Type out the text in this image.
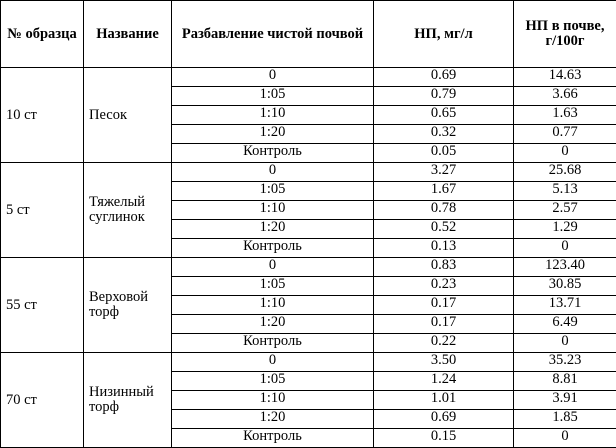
№ образца	Название	Разбавление чистой почвой	НП, мг/л	НП в почве, г/100г
10 ст	Песок	0	0.69	14.63
		1:05	0.79	3.66
		1:10	0.65	1.63
		1:20	0.32	0.77
		Контроль	0.05	0
5 ст	Тяжелый суглинок	0	3.27	25.68
		1:05	1.67	5.13
		1:10	0.78	2.57
		1:20	0.52	1.29
		Контроль	0.13	0
55 ст	Верховой торф	0	0.83	123.40
		1:05	0.23	30.85
		1:10	0.17	13.71
		1:20	0.17	6.49
		Контроль	0.22	0
70 ст	Низинный торф	0	3.50	35.23
		1:05	1.24	8.81
		1:10	1.01	3.91
		1:20	0.69	1.85
		Контроль	0.15	0
